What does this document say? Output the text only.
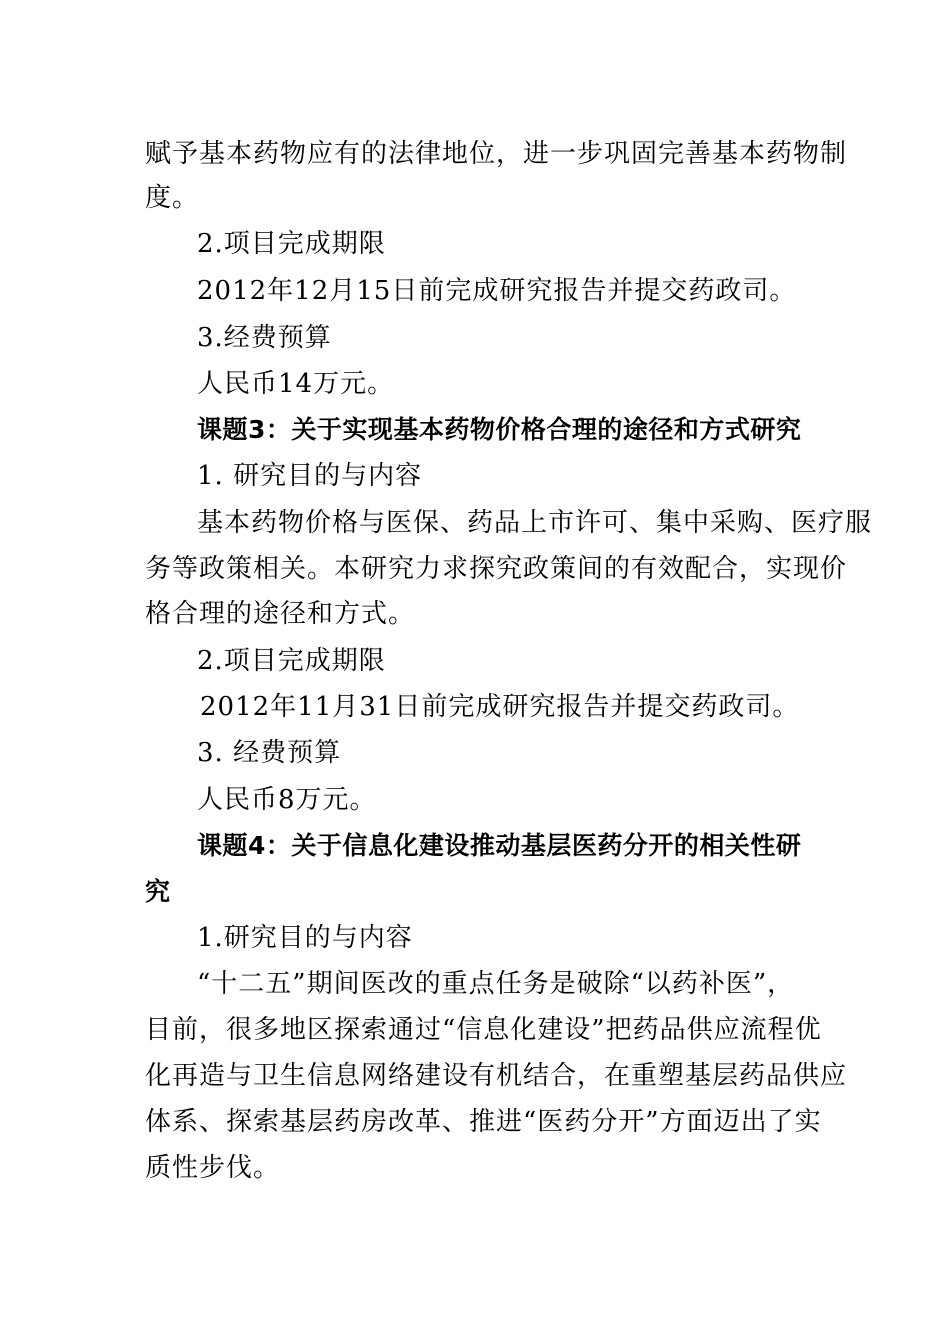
赋予基本药物应有的法律地位，进一步巩固完善基本药物制
度。
2.项目完成期限
2012年12月15日前完成研究报告并提交药政司。
3.经费预算
人民币14万元。
课题3：关于实现基本药物价格合理的途径和方式研究
1. 研究目的与内容
基本药物价格与医保、药品上市许可、集中采购、医疗服
务等政策相关。本研究力求探究政策间的有效配合，实现价
格合理的途径和方式。
2.项目完成期限
2012年11月31日前完成研究报告并提交药政司。
3. 经费预算
人民币8万元。
课题4：关于信息化建设推动基层医药分开的相关性研
究
1.研究目的与内容
“十二五”期间医改的重点任务是破除“以药补医”，
目前，很多地区探索通过“信息化建设”把药品供应流程优
化再造与卫生信息网络建设有机结合，在重塑基层药品供应
体系、探索基层药房改革、推进“医药分开”方面迈出了实
质性步伐。
